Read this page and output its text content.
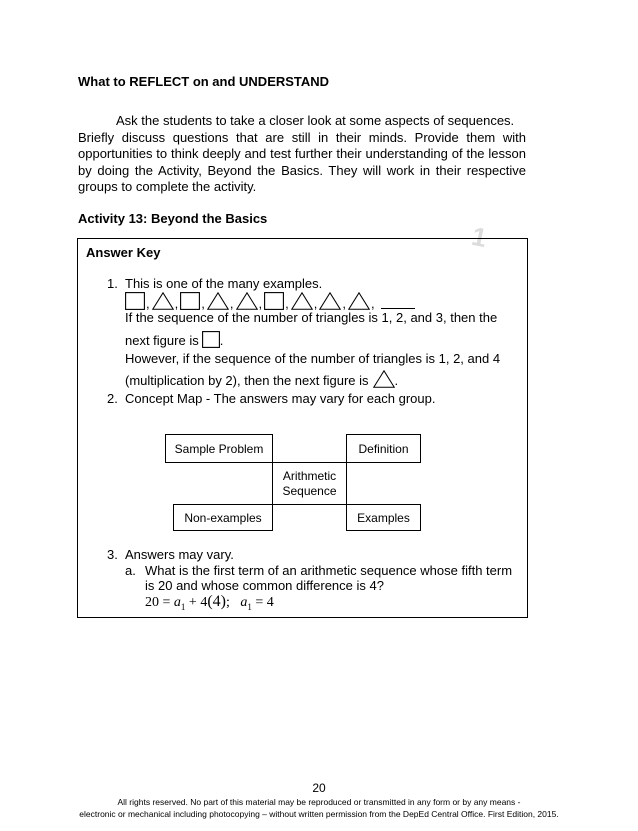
What to REFLECT on and UNDERSTAND
Ask the students to take a closer look at some aspects of sequences.
Briefly discuss questions that are still in their minds. Provide them with opportunities to think deeply and test further their understanding of the lesson by doing the Activity, Beyond the Basics. They will work in their respective groups to complete the activity.
Activity 13: Beyond the Basics
1
Answer Key
1. This is one of the many examples.
, , , , , , , , ,
If the sequence of the number of triangles is 1, 2, and 3, then the
next figure is .
However, if the sequence of the number of triangles is 1, 2, and 4
(multiplication by 2), then the next figure is .
2. Concept Map - The answers may vary for each group.
Sample Problem	Definition
Arithmetic
Sequence
Non-examples	Examples
3. Answers may vary.
a. What is the first term of an arithmetic sequence whose fifth term
is 20 and whose common difference is 4?
$20 = a_1 + 4(4)$; $a_1 = 4$
20
All rights reserved. No part of this material may be reproduced or transmitted in any form or by any means -
electronic or mechanical including photocopying – without written permission from the DepEd Central Office. First Edition, 2015.
